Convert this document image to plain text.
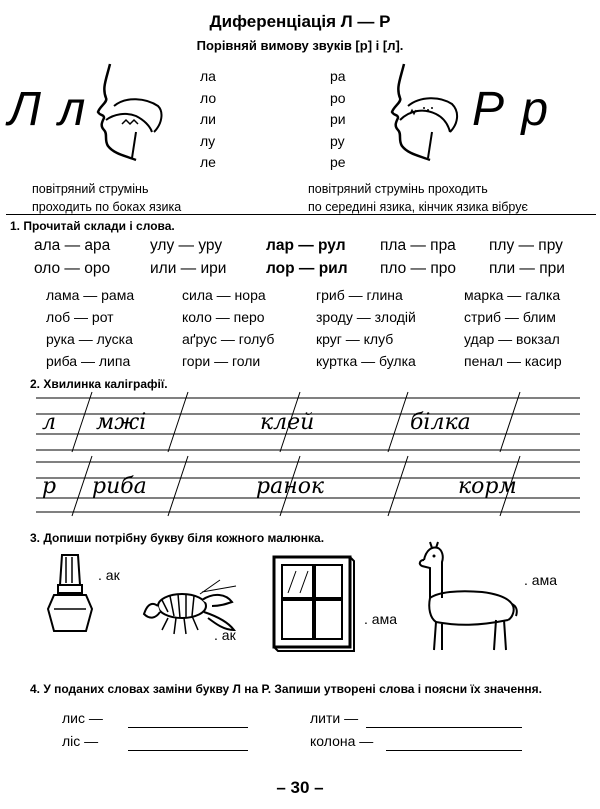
Диференціація Л — Р
Порівняй вимову звуків [р] і [л].
Л л	Р р
ла
ло
ли
лу
ле
ра
ро
ри
ру
ре
повітряний струмінь
проходить по боках язика
повітряний струмінь проходить
по середині язика, кінчик язика вібрує
1. Прочитай склади і слова.
ала — ара	улу — уру	лар — рул пла — пра плу — пру
оло — оро	или — ири	лор — рил пло — про пли — при
лама — рама	сила — нора	гриб — глина	марка — галка
лоб — рот	коло — перо	зроду — злодій	стриб — блим
рука — луска	аґрус — голуб	круг — клуб	удар — вокзал
риба — липа	гори — голи	куртка — булка	пенал — касир
2. Хвилинка каліграфії.
л мжі	клей	білка
р риба	ранок	корм
3. Допиши потрібну букву біля кожного малюнка.
. ак
. ак
. ама
. ама
4. У поданих словах заміни букву Л на Р. Запиши утворені слова і поясни їх значення.
лис —
ліс —
лити —
колона —
– 30 –
